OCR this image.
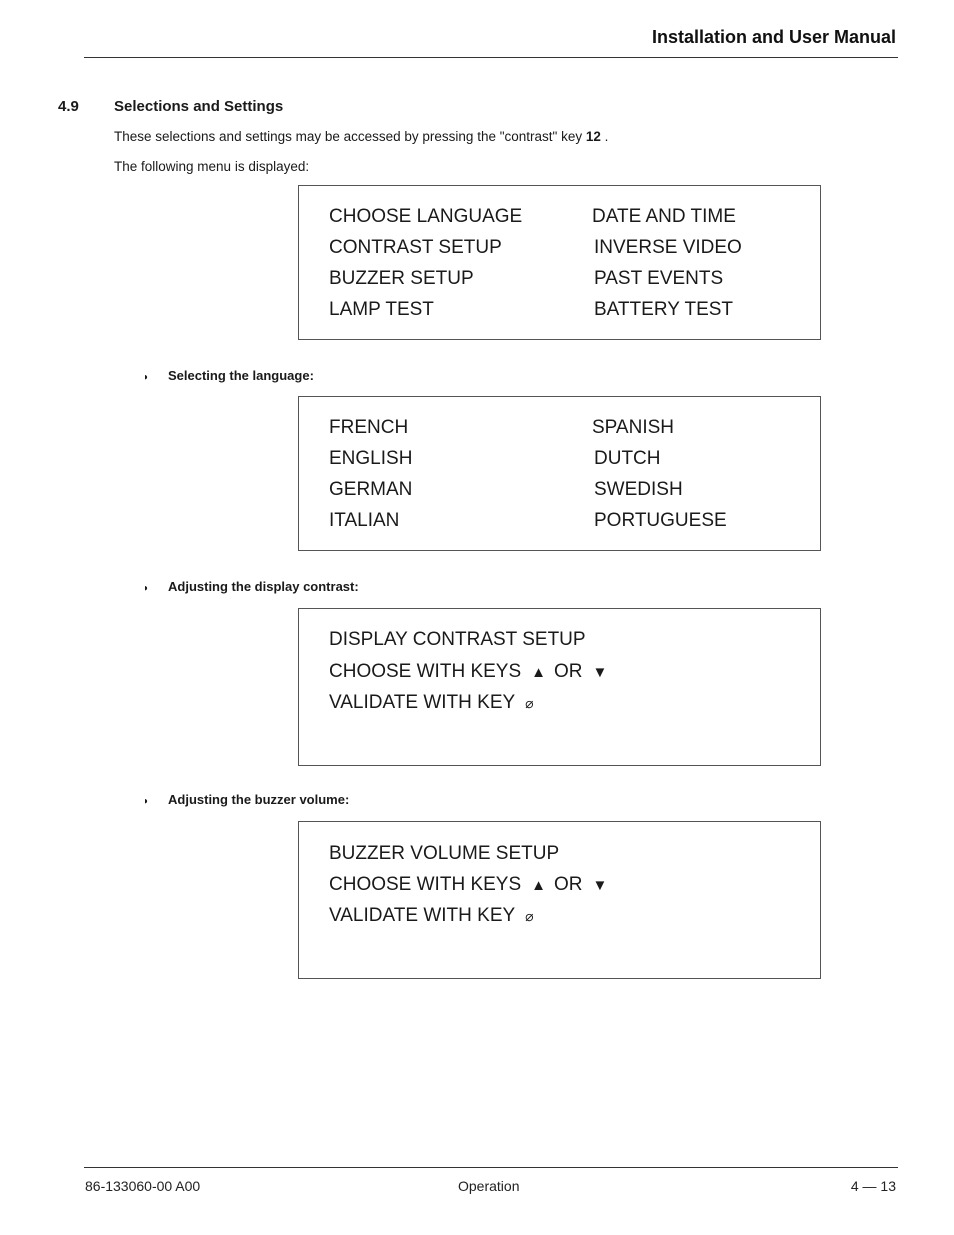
Installation and User Manual
4.9 Selections and Settings
These selections and settings may be accessed by pressing the "contrast" key 12 .
The following menu is displayed:
CHOOSE LANGUAGE
CONTRAST SETUP
BUZZER SETUP
LAMP TEST
DATE AND TIME
INVERSE VIDEO
PAST EVENTS
BATTERY TEST
◗ Selecting the language:
FRENCH
ENGLISH
GERMAN
ITALIAN
SPANISH
DUTCH
SWEDISH
PORTUGUESE
◗ Adjusting the display contrast:
DISPLAY CONTRAST SETUP
CHOOSE WITH KEYS ▲ OR ▼
VALIDATE WITH KEY ⌀
◗ Adjusting the buzzer volume:
BUZZER VOLUME SETUP
CHOOSE WITH KEYS ▲ OR ▼
VALIDATE WITH KEY ⌀
86-133060-00 A00	Operation	4 — 13
